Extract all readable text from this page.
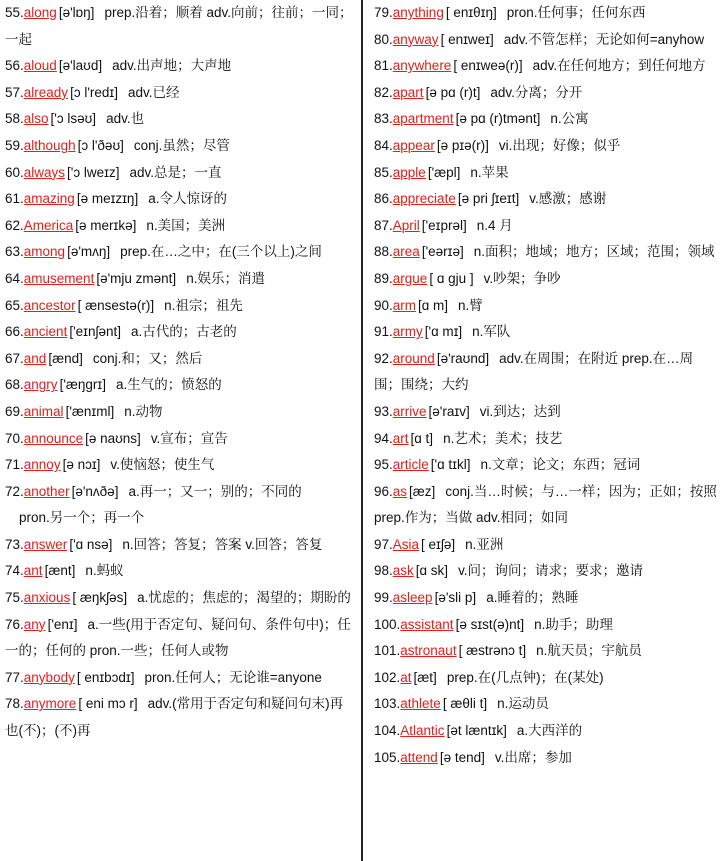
55.along [ə'lɒŋ] prep.沿着；顺着 adv.向前；往前；一同；一起
56.aloud [ə'laʊd] adv.出声地；大声地
57.already [ɔ l'redɪ] adv.已经
58.also ['ɔ lsəʊ] adv.也
59.although [ɔ l'ðəʊ] conj.虽然；尽管
60.always ['ɔ lweɪz] adv.总是；一直
61.amazing [ə meɪzɪŋ] a.令人惊讶的
62.America [ə merɪkə] n.美国；美洲
63.among [ə'mʌŋ] prep.在…之中；在(三个以上)之间
64.amusement [ə'mju zmənt] n.娱乐；消遣
65.ancestor [ ænsestə(r)] n.祖宗；祖先
66.ancient ['eɪnʃənt] a.古代的；古老的
67.and [ænd] conj.和；又；然后
68.angry ['æŋɡrɪ] a.生气的；愤怒的
69.animal ['ænɪml] n.动物
70.announce [ə naʊns] v.宣布；宣告
71.annoy [ə nɔɪ] v.使恼怒；使生气
72.another [ə'nʌðə] a.再一；又一；别的；不同的
pron.另一个；再一个
73.answer ['ɑ nsə] n.回答；答复；答案 v.回答；答复
74.ant [ænt] n.蚂蚁
75.anxious [ æŋkʃəs] a.忧虑的；焦虑的；渴望的；期盼的
76.any ['enɪ] a.一些(用于否定句、疑问句、条件句中)；任一的；任何的 pron.一些；任何人或物
77.anybody [ enɪbɔdɪ] pron.任何人；无论谁=anyone
78.anymore [ eni mɔ r] adv.(常用于否定句和疑问句末)再也(不)；(不)再
79.anything [ enɪθɪŋ] pron.任何事；任何东西
80.anyway [ enɪweɪ] adv.不管怎样；无论如何=anyhow
81.anywhere [ enɪweə(r)] adv.在任何地方；到任何地方
82.apart [ə pɑ (r)t] adv.分离；分开
83.apartment [ə pɑ (r)tmənt] n.公寓
84.appear [ə pɪə(r)] vi.出现；好像；似乎
85.apple ['æpl] n.苹果
86.appreciate [ə pri ʃɪeɪt] v.感激；感谢
87.April ['eɪprəl] n.4 月
88.area ['eərɪə] n.面积；地域；地方；区域；范围；领域
89.argue [ ɑ ɡju ] v.吵架；争吵
90.arm [ɑ m] n.臂
91.army ['ɑ mɪ] n.军队
92.around [ə'raʊnd] adv.在周围；在附近 prep.在…周围；围绕；大约
93.arrive [ə'raɪv] vi.到达；达到
94.art [ɑ t] n.艺术；美术；技艺
95.article ['ɑ tɪkl] n.文章；论文；东西；冠词
96.as [æz] conj.当…时候；与…一样；因为；正如；按照 prep.作为；当做 adv.相同；如同
97.Asia [ eɪʃə] n.亚洲
98.ask [ɑ sk] v.问；询问；请求；要求；邀请
99.asleep [ə'sli p] a.睡着的；熟睡
100.assistant [ə sɪst(ə)nt] n.助手；助理
101.astronaut [ æstrənɔ t] n.航天员；宇航员
102.at [æt] prep.在(几点钟)；在(某处)
103.athlete [ æθli t] n.运动员
104.Atlantic [ət læntɪk] a.大西洋的
105.attend [ə tend] v.出席；参加
